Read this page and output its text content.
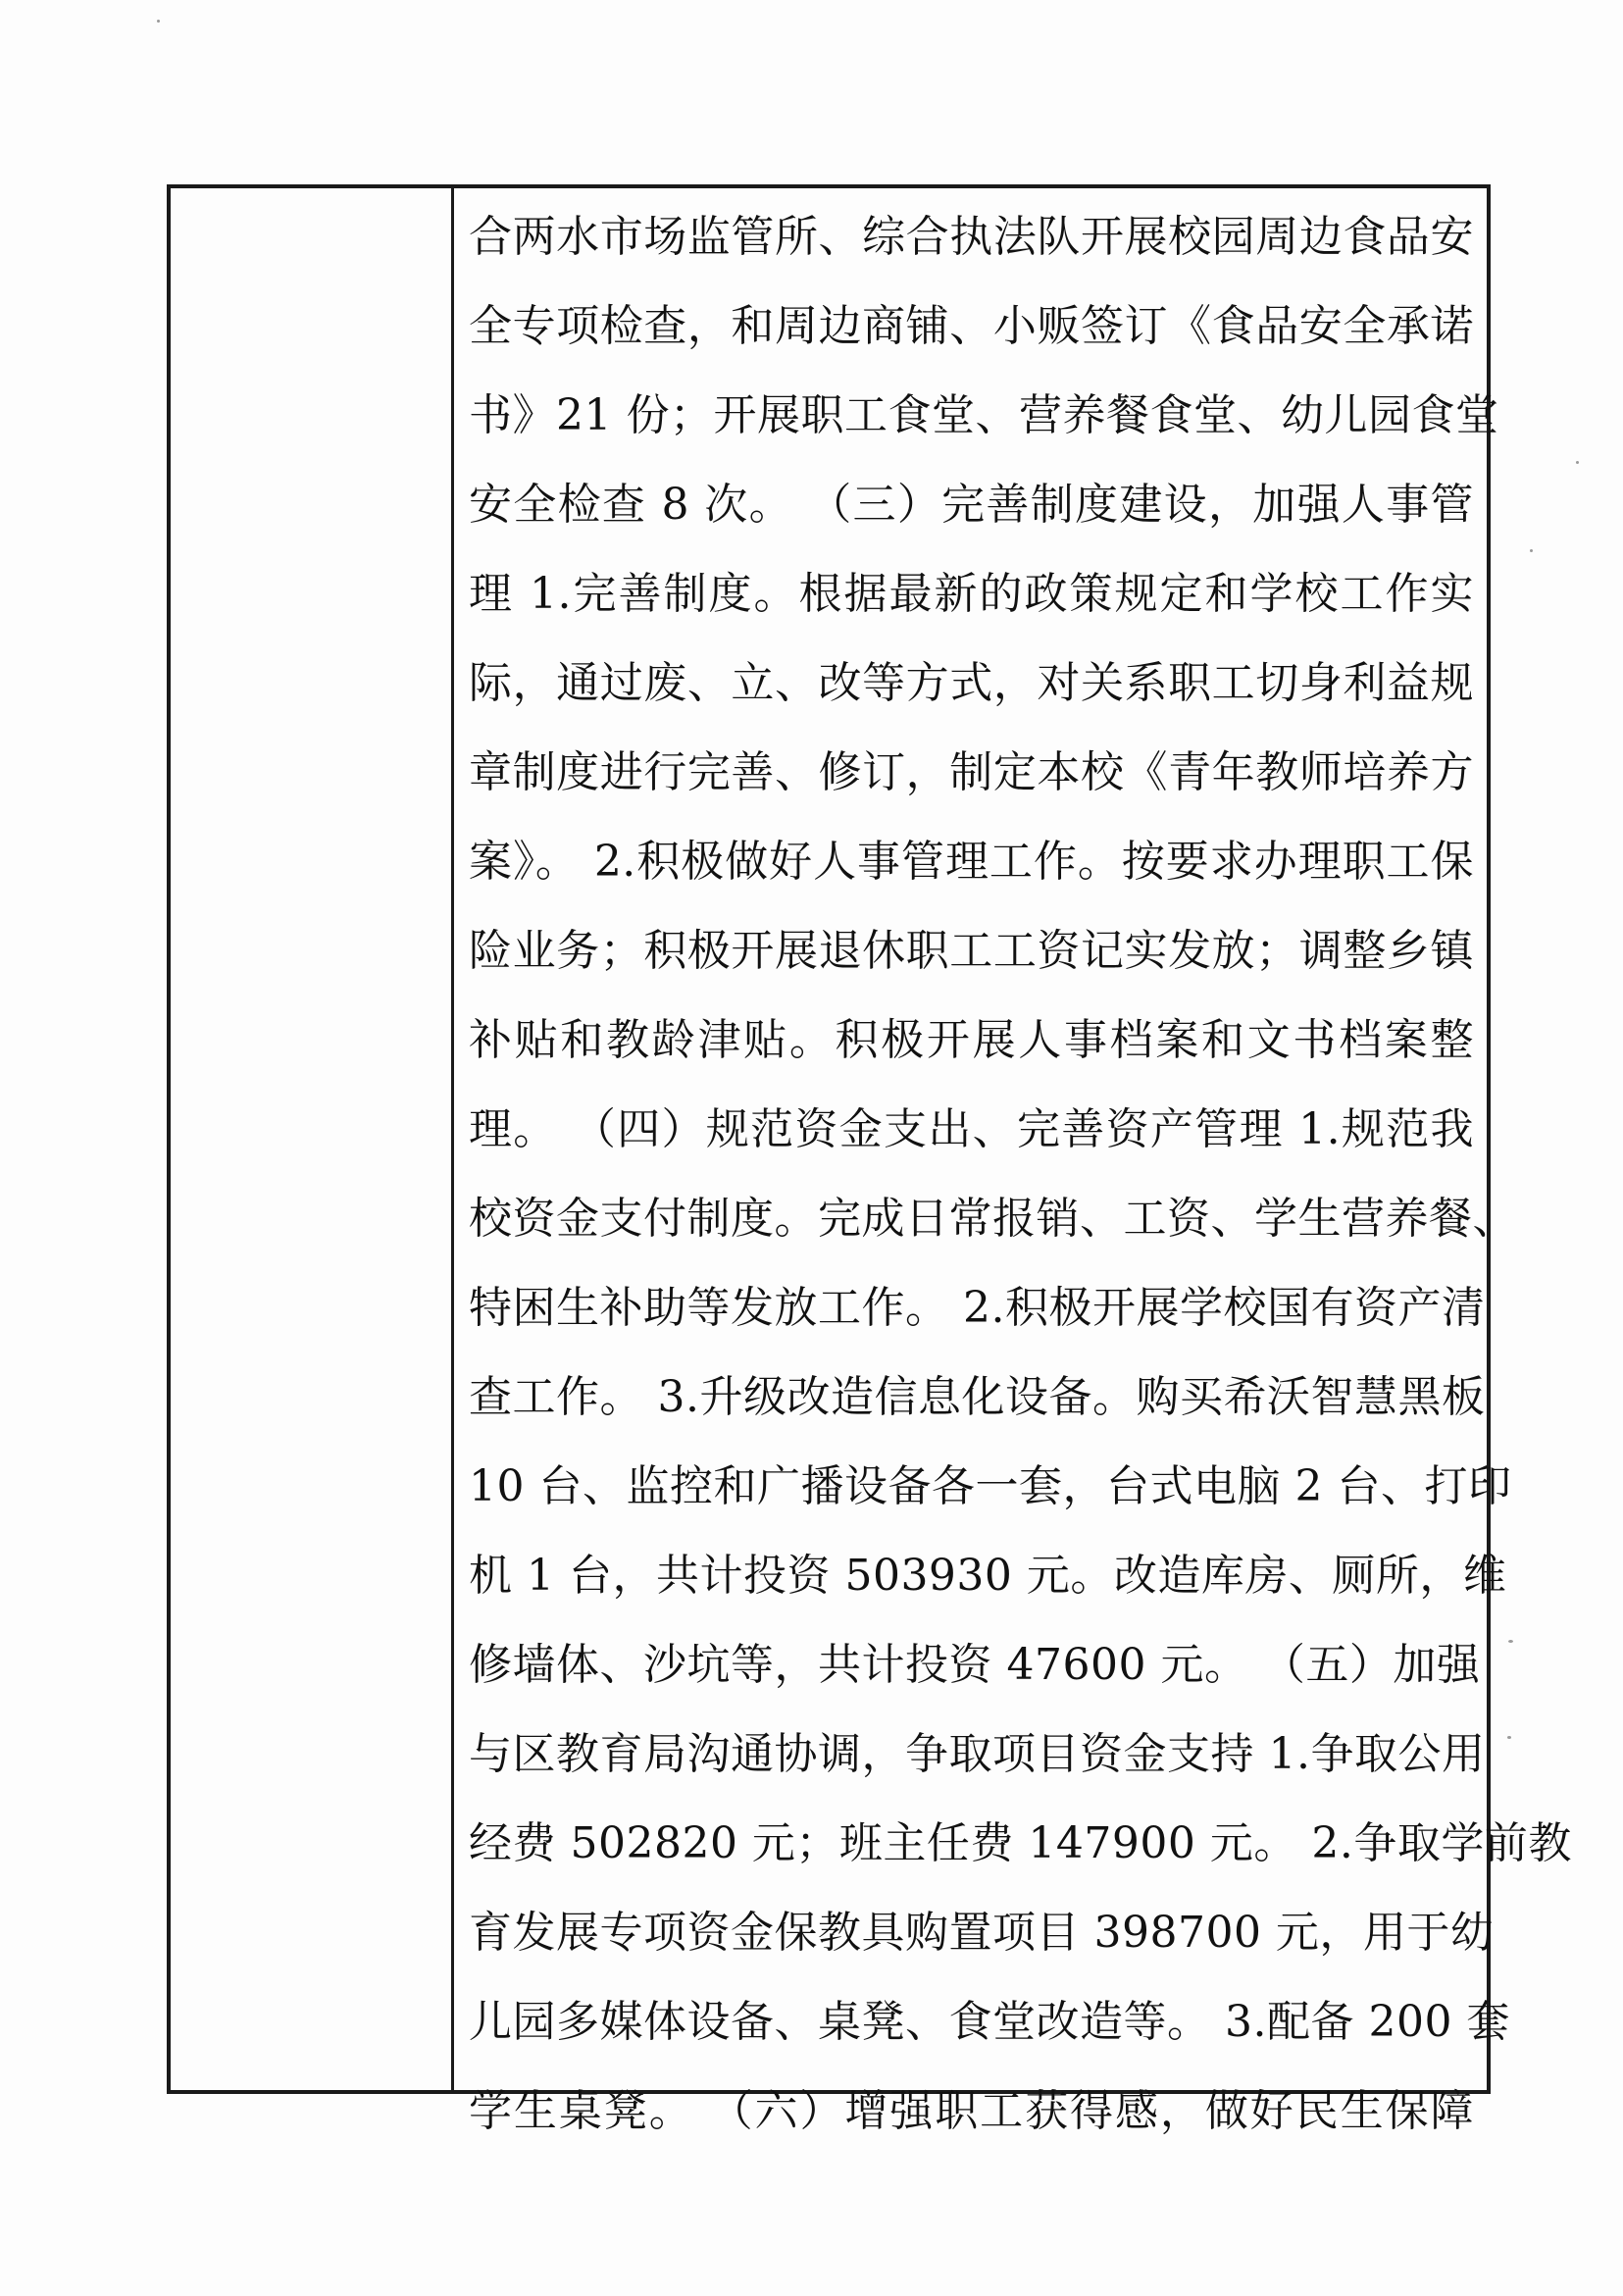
合两水市场监管所、综合执法队开展校园周边食品安
全专项检查，和周边商铺、小贩签订《食品安全承诺
书》21 份；开展职工食堂、营养餐食堂、幼儿园食堂
安全检查 8 次。 （三）完善制度建设，加强人事管
理 1.完善制度。根据最新的政策规定和学校工作实
际，通过废、立、改等方式，对关系职工切身利益规
章制度进行完善、修订，制定本校《青年教师培养方
案》。 2.积极做好人事管理工作。按要求办理职工保
险业务；积极开展退休职工工资记实发放；调整乡镇
补贴和教龄津贴。积极开展人事档案和文书档案整
理。 （四）规范资金支出、完善资产管理 1.规范我
校资金支付制度。完成日常报销、工资、学生营养餐、
特困生补助等发放工作。 2.积极开展学校国有资产清
查工作。 3.升级改造信息化设备。购买希沃智慧黑板
10 台、监控和广播设备各一套，台式电脑 2 台、打印
机 1 台，共计投资 503930 元。改造库房、厕所，维
修墙体、沙坑等，共计投资 47600 元。 （五）加强
与区教育局沟通协调，争取项目资金支持 1.争取公用
经费 502820 元；班主任费 147900 元。 2.争取学前教
育发展专项资金保教具购置项目 398700 元，用于幼
儿园多媒体设备、桌凳、食堂改造等。 3.配备 200 套
学生桌凳。 （六）增强职工获得感，做好民生保障
